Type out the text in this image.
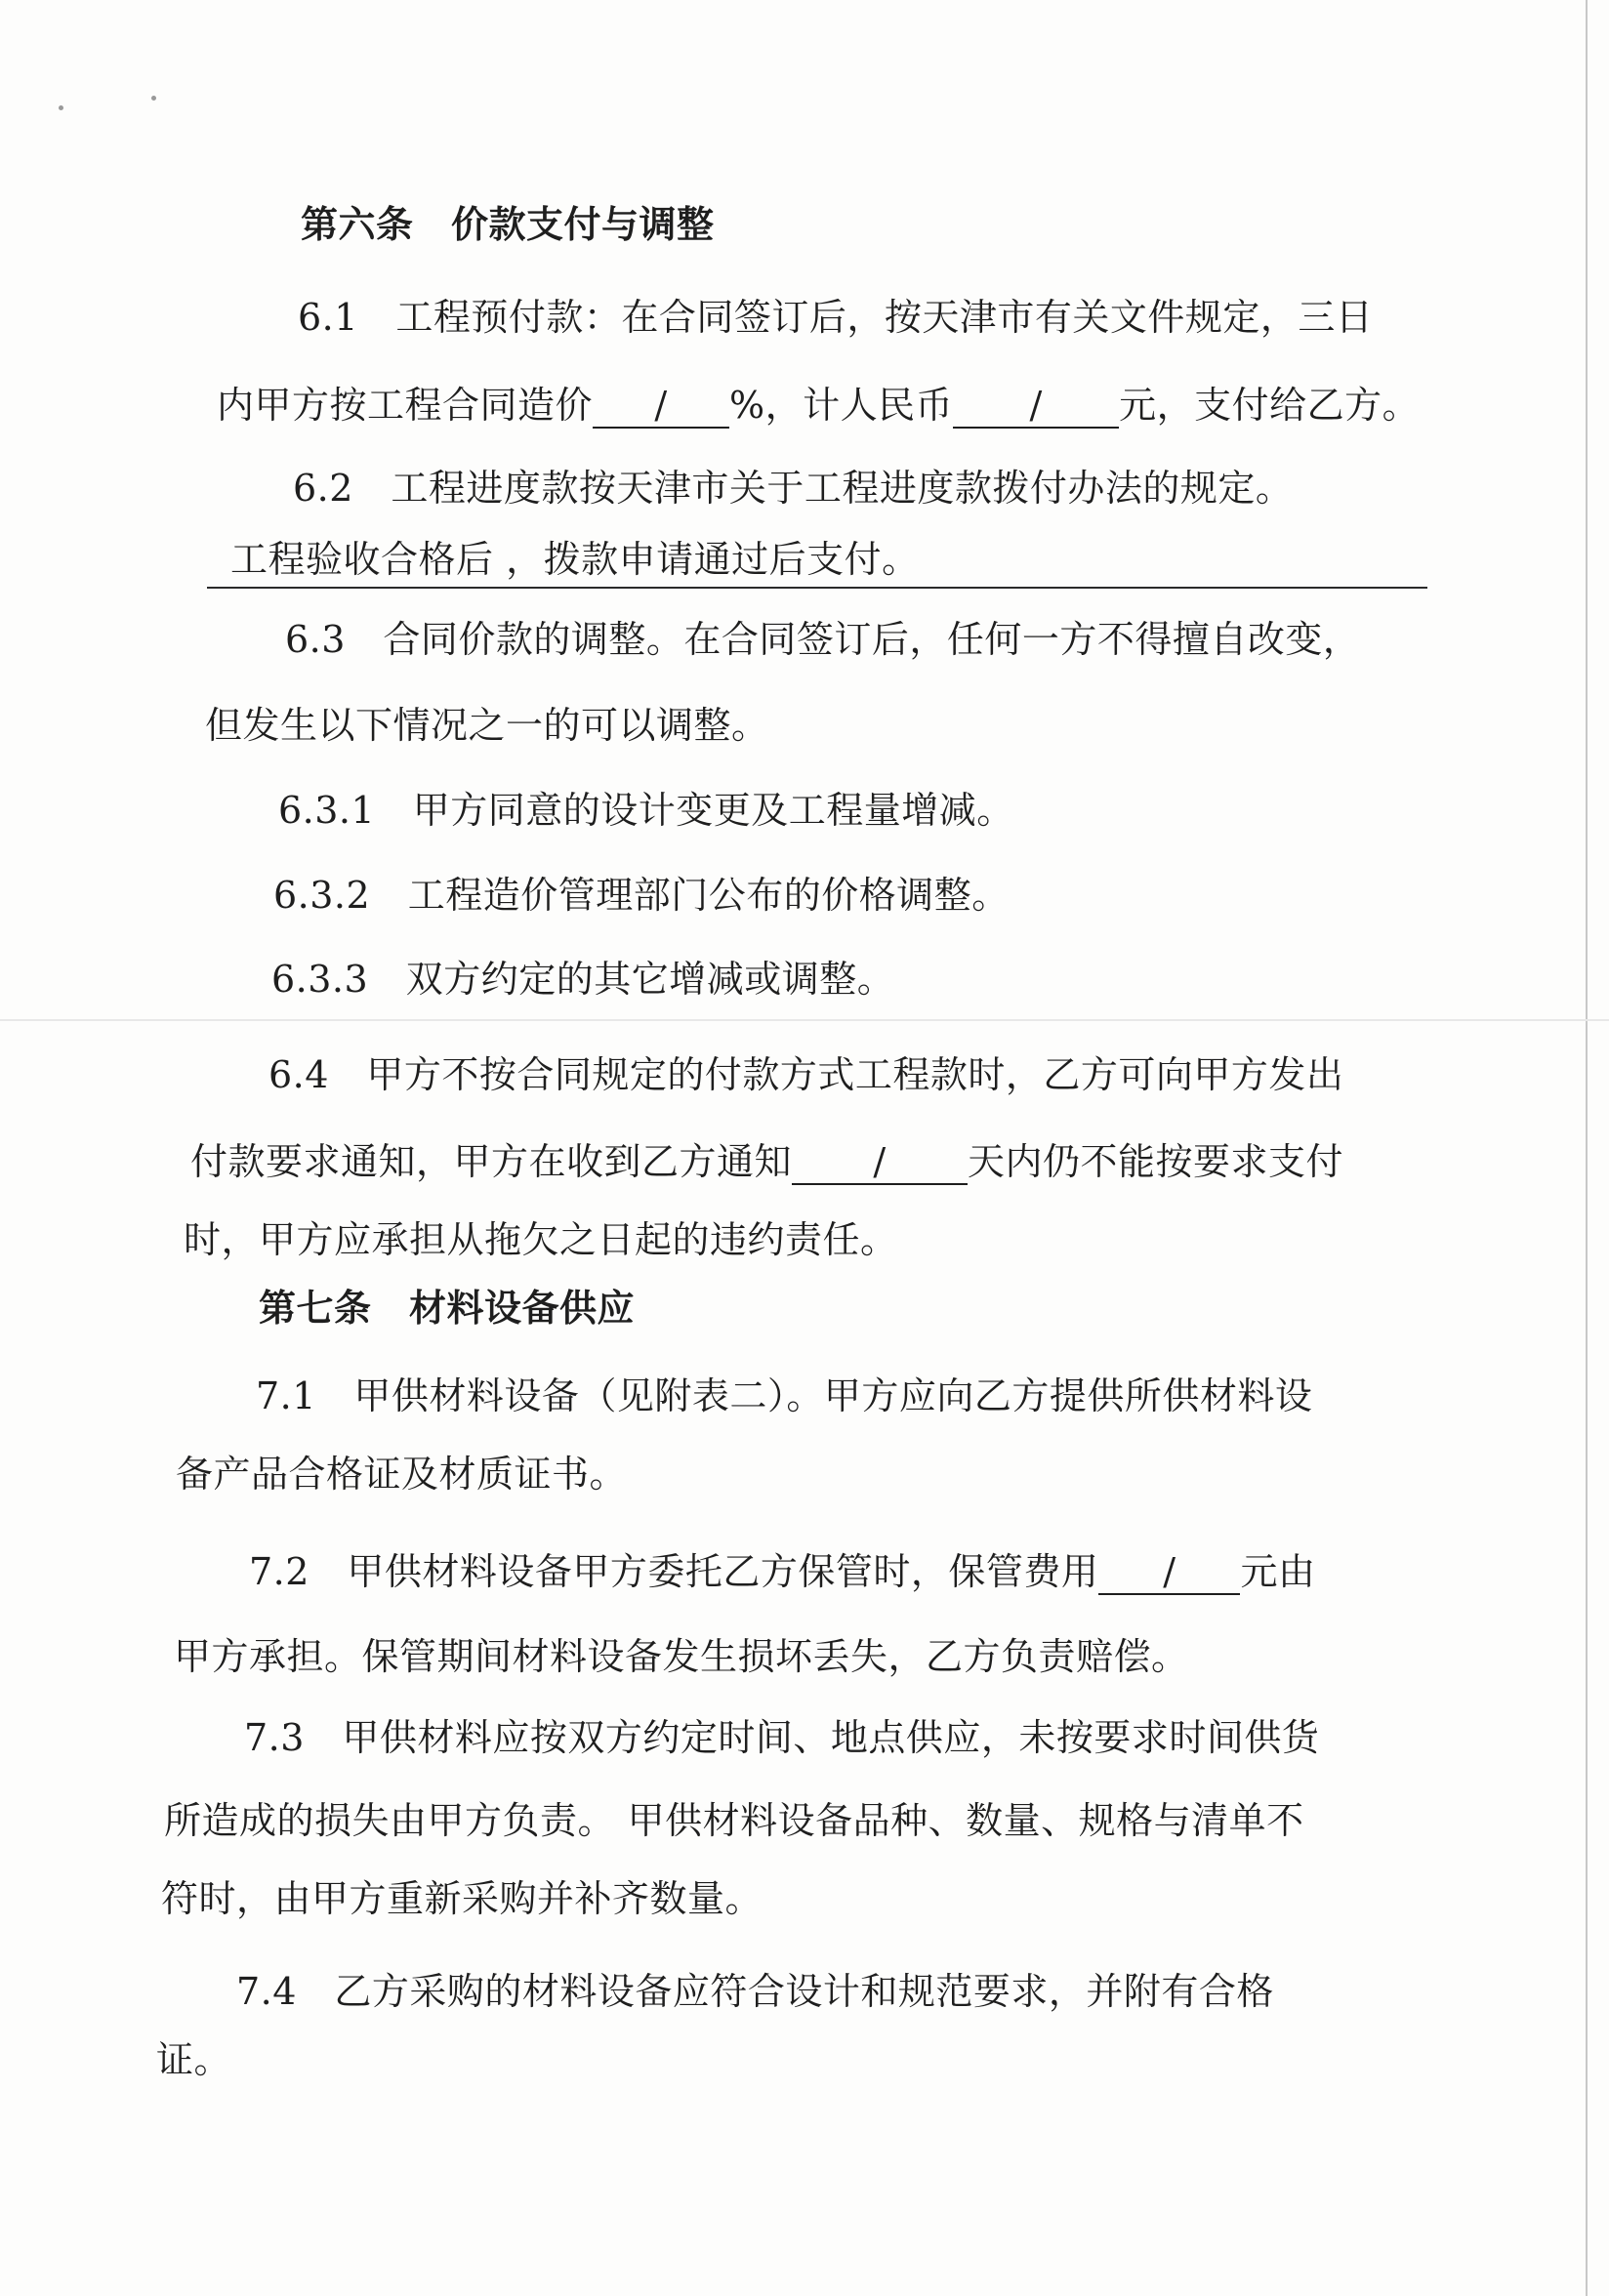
第六条　价款支付与调整
6.1　工程预付款：在合同签订后，按天津市有关文件规定，三日
内甲方按工程合同造价 / %，计人民币 / 元，支付给乙方。
6.2　工程进度款按天津市关于工程进度款拨付办法的规定。
工程验收合格后 ，拨款申请通过后支付。
6.3　合同价款的调整。在合同签订后，任何一方不得擅自改变，
但发生以下情况之一的可以调整。
6.3.1　甲方同意的设计变更及工程量增减。
6.3.2　工程造价管理部门公布的价格调整。
6.3.3　双方约定的其它增减或调整。
6.4　甲方不按合同规定的付款方式工程款时，乙方可向甲方发出
付款要求通知，甲方在收到乙方通知 / 天内仍不能按要求支付
时，甲方应承担从拖欠之日起的违约责任。
第七条　材料设备供应
7.1　甲供材料设备（见附表二）。甲方应向乙方提供所供材料设
备产品合格证及材质证书。
7.2　甲供材料设备甲方委托乙方保管时，保管费用 / 元由
甲方承担。保管期间材料设备发生损坏丢失，乙方负责赔偿。
7.3　甲供材料应按双方约定时间、地点供应，未按要求时间供货
所造成的损失由甲方负责。 甲供材料设备品种、数量、规格与清单不
符时，由甲方重新采购并补齐数量。
7.4　乙方采购的材料设备应符合设计和规范要求，并附有合格
证。
